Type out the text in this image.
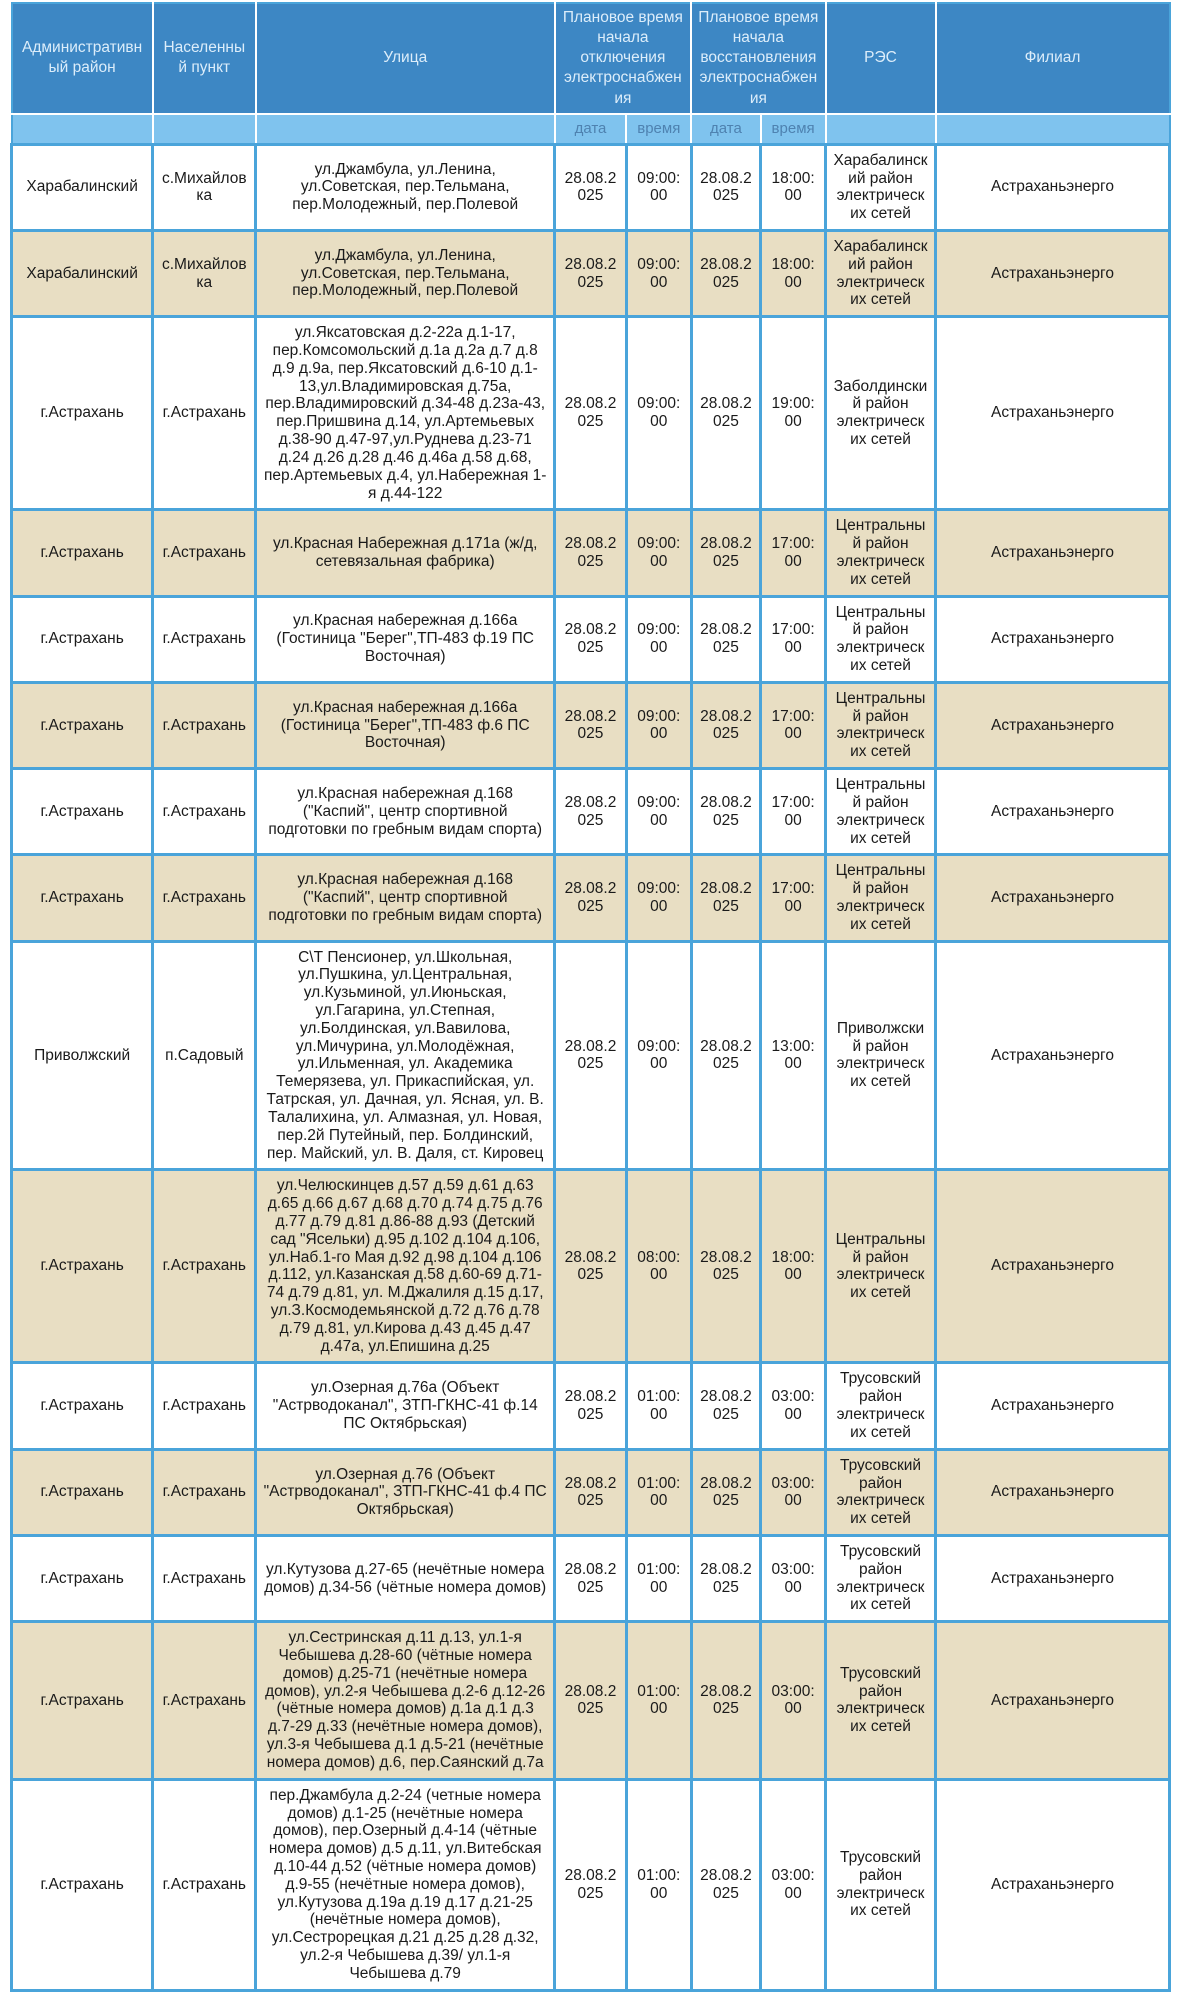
Административный район	Населенный пункт	Улица	Плановое время начала отключения электроснабжения		Плановое время начала восстановления электроснабжения		РЭС	Филиал
			дата	время	дата	время		
Харабалинский	с.Михайловка	ул.Джамбула, ул.Ленина, ул.Советская, пер.Тельмана, пер.Молодежный, пер.Полевой	28.08.2025	09:00:00	28.08.2025	18:00:00	Харабалинский район электрических сетей	Астраханьэнерго
Харабалинский	с.Михайловка	ул.Джамбула, ул.Ленина, ул.Советская, пер.Тельмана, пер.Молодежный, пер.Полевой	28.08.2025	09:00:00	28.08.2025	18:00:00	Харабалинский район электрических сетей	Астраханьэнерго
г.Астрахань	г.Астрахань	ул.Яксатовская д.2-22а д.1-17, пер.Комсомольский д.1а д.2а д.7 д.8 д.9 д.9а, пер.Яксатовский д.6-10 д.1-13,ул.Владимировская д.75а, пер.Владимировский д.34-48 д.23а-43, пер.Пришвина д.14, ул.Артемьевых д.38-90 д.47-97,ул.Руднева д.23-71 д.24 д.26 д.28 д.46 д.46а д.58 д.68, пер.Артемьевых д.4, ул.Набережная 1-я д.44-122	28.08.2025	09:00:00	28.08.2025	19:00:00	Заболдинский район электрических сетей	Астраханьэнерго
г.Астрахань	г.Астрахань	ул.Красная Набережная д.171а (ж/д, сетевязальная фабрика)	28.08.2025	09:00:00	28.08.2025	17:00:00	Центральный район электрических сетей	Астраханьэнерго
г.Астрахань	г.Астрахань	ул.Красная набережная д.166а (Гостиница "Берег",ТП-483 ф.19 ПС Восточная)	28.08.2025	09:00:00	28.08.2025	17:00:00	Центральный район электрических сетей	Астраханьэнерго
г.Астрахань	г.Астрахань	ул.Красная набережная д.166а (Гостиница "Берег",ТП-483 ф.6 ПС Восточная)	28.08.2025	09:00:00	28.08.2025	17:00:00	Центральный район электрических сетей	Астраханьэнерго
г.Астрахань	г.Астрахань	ул.Красная набережная д.168 ("Каспий", центр спортивной подготовки по гребным видам спорта)	28.08.2025	09:00:00	28.08.2025	17:00:00	Центральный район электрических сетей	Астраханьэнерго
г.Астрахань	г.Астрахань	ул.Красная набережная д.168 ("Каспий", центр спортивной подготовки по гребным видам спорта)	28.08.2025	09:00:00	28.08.2025	17:00:00	Центральный район электрических сетей	Астраханьэнерго
Приволжский	п.Садовый	С\Т Пенсионер, ул.Школьная, ул.Пушкина, ул.Центральная, ул.Кузьминой, ул.Июньская, ул.Гагарина, ул.Степная, ул.Болдинская, ул.Вавилова, ул.Мичурина, ул.Молодёжная, ул.Ильменная, ул. Академика Темерязева, ул. Прикаспийская, ул. Татрская, ул. Дачная, ул. Ясная, ул. В. Талалихина, ул. Алмазная, ул. Новая, пер.2й Путейный, пер. Болдинский, пер. Майский, ул. В. Даля, ст. Кировец	28.08.2025	09:00:00	28.08.2025	13:00:00	Приволжский район электрических сетей	Астраханьэнерго
г.Астрахань	г.Астрахань	ул.Челюскинцев д.57 д.59 д.61 д.63 д.65 д.66 д.67 д.68 д.70 д.74 д.75 д.76 д.77 д.79 д.81 д.86-88 д.93 (Детский сад "Ясельки) д.95 д.102 д.104 д.106, ул.Наб.1-го Мая д.92 д.98 д.104 д.106 д.112, ул.Казанская д.58 д.60-69 д.71-74 д.79 д.81, ул. М.Джалиля д.15 д.17, ул.З.Космодемьянской д.72 д.76 д.78 д.79 д.81, ул.Кирова д.43 д.45 д.47 д.47а, ул.Епишина д.25	28.08.2025	08:00:00	28.08.2025	18:00:00	Центральный район электрических сетей	Астраханьэнерго
г.Астрахань	г.Астрахань	ул.Озерная д.76а (Объект "Астрводоканал", ЗТП-ГКНС-41 ф.14 ПС Октябрьская)	28.08.2025	01:00:00	28.08.2025	03:00:00	Трусовский район электрических сетей	Астраханьэнерго
г.Астрахань	г.Астрахань	ул.Озерная д.76 (Объект "Астрводоканал", ЗТП-ГКНС-41 ф.4 ПС Октябрьская)	28.08.2025	01:00:00	28.08.2025	03:00:00	Трусовский район электрических сетей	Астраханьэнерго
г.Астрахань	г.Астрахань	ул.Кутузова д.27-65 (нечётные номера домов) д.34-56 (чётные номера домов)	28.08.2025	01:00:00	28.08.2025	03:00:00	Трусовский район электрических сетей	Астраханьэнерго
г.Астрахань	г.Астрахань	ул.Сестринская д.11 д.13, ул.1-я Чебышева д.28-60 (чётные номера домов) д.25-71 (нечётные номера домов), ул.2-я Чебышева д.2-6 д.12-26 (чётные номера домов) д.1а д.1 д.3 д.7-29 д.33 (нечётные номера домов), ул.3-я Чебышева д.1 д.5-21 (нечётные номера домов) д.6, пер.Саянский д.7а	28.08.2025	01:00:00	28.08.2025	03:00:00	Трусовский район электрических сетей	Астраханьэнерго
г.Астрахань	г.Астрахань	пер.Джамбула д.2-24 (четные номера домов) д.1-25 (нечётные номера домов), пер.Озерный д.4-14 (чётные номера домов) д.5 д.11, ул.Витебская д.10-44 д.52 (чётные номера домов) д.9-55 (нечётные номера домов), ул.Кутузова д.19а д.19 д.17 д.21-25 (нечётные номера домов), ул.Сестрорецкая д.21 д.25 д.28 д.32, ул.2-я Чебышева д.39/ ул.1-я Чебышева д.79	28.08.2025	01:00:00	28.08.2025	03:00:00	Трусовский район электрических сетей	Астраханьэнерго
